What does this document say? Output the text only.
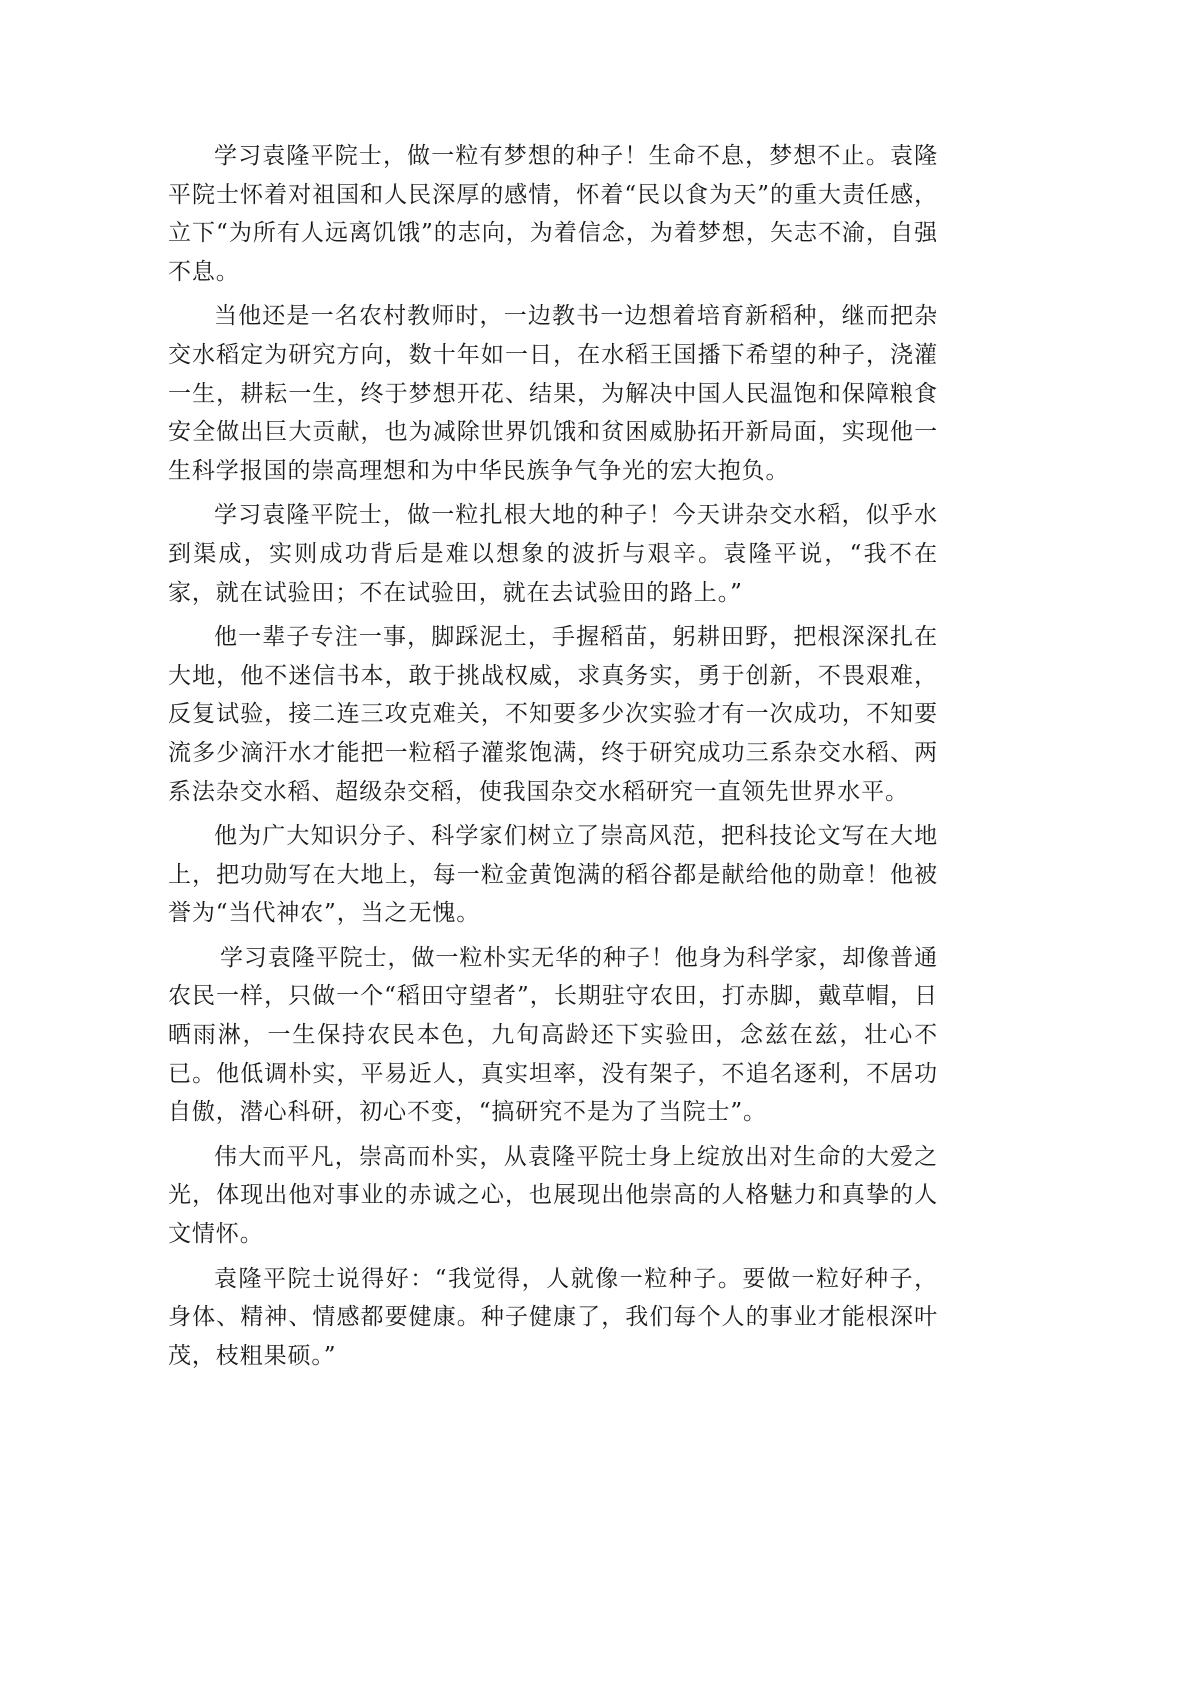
学习袁隆平院士，做一粒有梦想的种子！生命不息，梦想不止。袁隆平院士怀着对祖国和人民深厚的感情，怀着“民以食为天”的重大责任感，立下“为所有人远离饥饿”的志向，为着信念，为着梦想，矢志不渝，自强不息。

当他还是一名农村教师时，一边教书一边想着培育新稻种，继而把杂交水稻定为研究方向，数十年如一日，在水稻王国播下希望的种子，浇灌一生，耕耘一生，终于梦想开花、结果，为解决中国人民温饱和保障粮食安全做出巨大贡献，也为减除世界饥饿和贫困威胁拓开新局面，实现他一生科学报国的崇高理想和为中华民族争气争光的宏大抱负。

学习袁隆平院士，做一粒扎根大地的种子！今天讲杂交水稻，似乎水到渠成，实则成功背后是难以想象的波折与艰辛。袁隆平说，“我不在家，就在试验田；不在试验田，就在去试验田的路上。”

他一辈子专注一事，脚踩泥土，手握稻苗，躬耕田野，把根深深扎在大地，他不迷信书本，敢于挑战权威，求真务实，勇于创新，不畏艰难，反复试验，接二连三攻克难关，不知要多少次实验才有一次成功，不知要流多少滴汗水才能把一粒稻子灌浆饱满，终于研究成功三系杂交水稻、两系法杂交水稻、超级杂交稻，使我国杂交水稻研究一直领先世界水平。

他为广大知识分子、科学家们树立了崇高风范，把科技论文写在大地上，把功勋写在大地上，每一粒金黄饱满的稻谷都是献给他的勋章！他被誉为“当代神农”，当之无愧。

学习袁隆平院士，做一粒朴实无华的种子！他身为科学家，却像普通农民一样，只做一个“稻田守望者”，长期驻守农田，打赤脚，戴草帽，日晒雨淋，一生保持农民本色，九旬高龄还下实验田，念兹在兹，壮心不已。他低调朴实，平易近人，真实坦率，没有架子，不追名逐利，不居功自傲，潜心科研，初心不变，“搞研究不是为了当院士”。

伟大而平凡，崇高而朴实，从袁隆平院士身上绽放出对生命的大爱之光，体现出他对事业的赤诚之心，也展现出他崇高的人格魅力和真挚的人文情怀。

袁隆平院士说得好：“我觉得，人就像一粒种子。要做一粒好种子，身体、精神、情感都要健康。种子健康了，我们每个人的事业才能根深叶茂，枝粗果硕。”
